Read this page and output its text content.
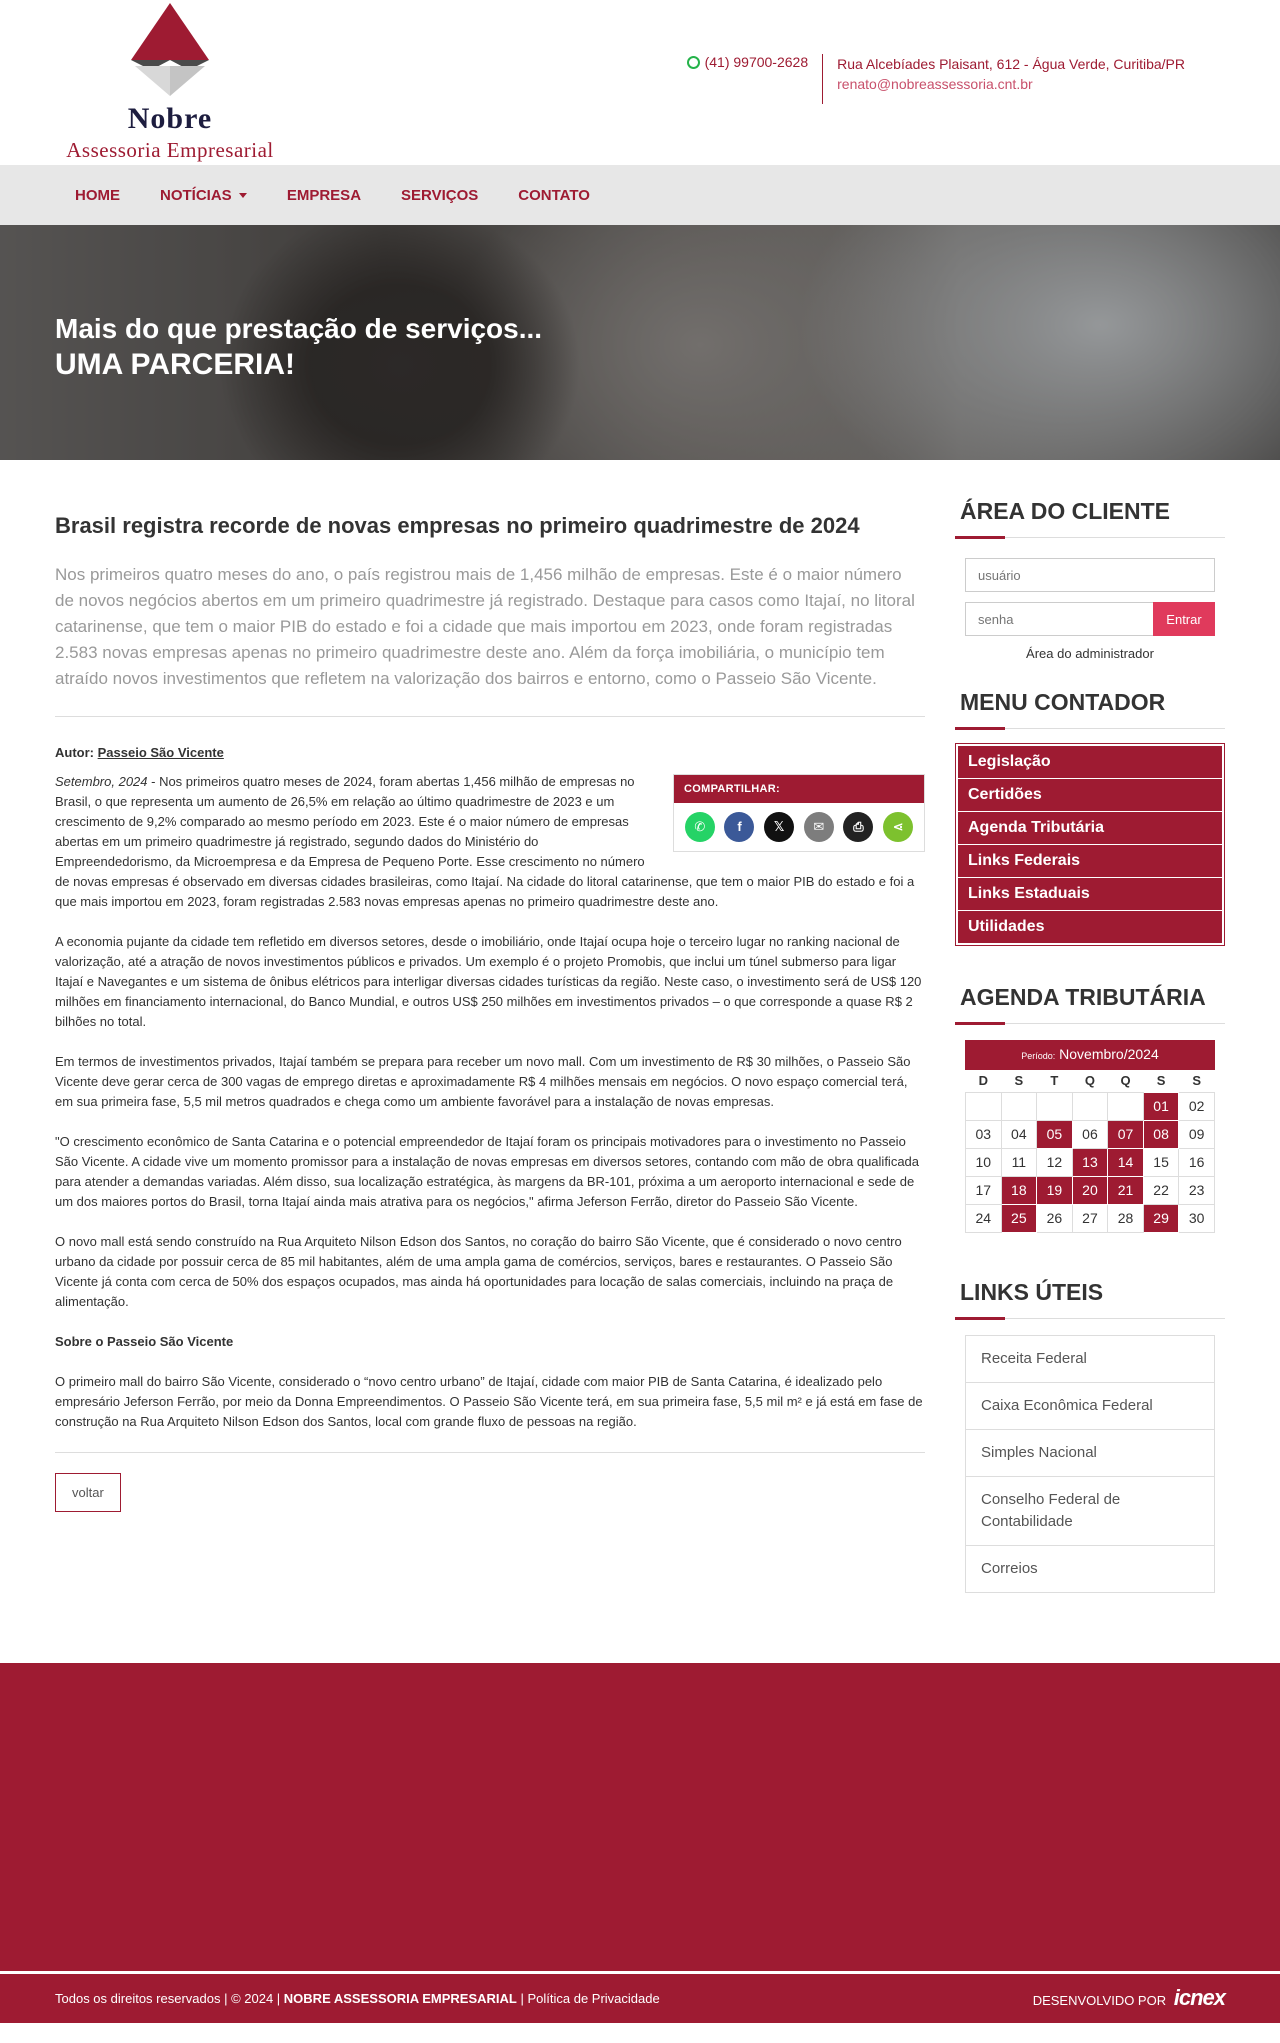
Nobre
Assessoria Empresarial
(41) 99700-2628 Rua Alcebíades Plaisant, 612 - Água Verde, Curitiba/PR
renato@nobreassessoria.cnt.br
HOME	NOTÍCIAS	EMPRESA	SERVIÇOS	CONTATO
Mais do que prestação de serviços...
UMA PARCERIA!
Brasil registra recorde de novas empresas no primeiro quadrimestre de 2024
Nos primeiros quatro meses do ano, o país registrou mais de 1,456 milhão de empresas. Este é o maior número de novos negócios abertos em um primeiro quadrimestre já registrado. Destaque para casos como Itajaí, no litoral catarinense, que tem o maior PIB do estado e foi a cidade que mais importou em 2023, onde foram registradas 2.583 novas empresas apenas no primeiro quadrimestre deste ano. Além da força imobiliária, o município tem atraído novos investimentos que refletem na valorização dos bairros e entorno, como o Passeio São Vicente.
Autor: Passeio São Vicente
COMPARTILHAR:
✆ f 𝕏 ✉ ⎙ ⋖

Setembro, 2024 - Nos primeiros quatro meses de 2024, foram abertas 1,456 milhão de empresas no Brasil, o que representa um aumento de 26,5% em relação ao último quadrimestre de 2023 e um crescimento de 9,2% comparado ao mesmo período em 2023. Este é o maior número de empresas abertas em um primeiro quadrimestre já registrado, segundo dados do Ministério do Empreendedorismo, da Microempresa e da Empresa de Pequeno Porte. Esse crescimento no número de novas empresas é observado em diversas cidades brasileiras, como Itajaí. Na cidade do litoral catarinense, que tem o maior PIB do estado e foi a que mais importou em 2023, foram registradas 2.583 novas empresas apenas no primeiro quadrimestre deste ano.

A economia pujante da cidade tem refletido em diversos setores, desde o imobiliário, onde Itajaí ocupa hoje o terceiro lugar no ranking nacional de valorização, até a atração de novos investimentos públicos e privados. Um exemplo é o projeto Promobis, que inclui um túnel submerso para ligar Itajaí e Navegantes e um sistema de ônibus elétricos para interligar diversas cidades turísticas da região. Neste caso, o investimento será de US$ 120 milhões em financiamento internacional, do Banco Mundial, e outros US$ 250 milhões em investimentos privados – o que corresponde a quase R$ 2 bilhões no total.

Em termos de investimentos privados, Itajaí também se prepara para receber um novo mall. Com um investimento de R$ 30 milhões, o Passeio São Vicente deve gerar cerca de 300 vagas de emprego diretas e aproximadamente R$ 4 milhões mensais em negócios. O novo espaço comercial terá, em sua primeira fase, 5,5 mil metros quadrados e chega como um ambiente favorável para a instalação de novas empresas.

"O crescimento econômico de Santa Catarina e o potencial empreendedor de Itajaí foram os principais motivadores para o investimento no Passeio São Vicente. A cidade vive um momento promissor para a instalação de novas empresas em diversos setores, contando com mão de obra qualificada para atender a demandas variadas. Além disso, sua localização estratégica, às margens da BR-101, próxima a um aeroporto internacional e sede de um dos maiores portos do Brasil, torna Itajaí ainda mais atrativa para os negócios," afirma Jeferson Ferrão, diretor do Passeio São Vicente.

O novo mall está sendo construído na Rua Arquiteto Nilson Edson dos Santos, no coração do bairro São Vicente, que é considerado o novo centro urbano da cidade por possuir cerca de 85 mil habitantes, além de uma ampla gama de comércios, serviços, bares e restaurantes. O Passeio São Vicente já conta com cerca de 50% dos espaços ocupados, mas ainda há oportunidades para locação de salas comerciais, incluindo na praça de alimentação.

Sobre o Passeio São Vicente

O primeiro mall do bairro São Vicente, considerado o “novo centro urbano” de Itajaí, cidade com maior PIB de Santa Catarina, é idealizado pelo empresário Jeferson Ferrão, por meio da Donna Empreendimentos. O Passeio São Vicente terá, em sua primeira fase, 5,5 mil m² e já está em fase de construção na Rua Arquiteto Nilson Edson dos Santos, local com grande fluxo de pessoas na região.

voltar
ÁREA DO CLIENTE
usuário
Entrar
Área do administrador
MENU CONTADOR
Legislação
Certidões
Agenda Tributária
Links Federais
Links Estaduais
Utilidades
AGENDA TRIBUTÁRIA
Período: Novembro/2024
D	S	T	Q	Q	S	S
					01	02
03	04	05	06	07	08	09
10	11	12	13	14	15	16
17	18	19	20	21	22	23
24	25	26	27	28	29	30
LINKS ÚTEIS
Receita Federal
Caixa Econômica Federal
Simples Nacional
Conselho Federal de Contabilidade
Correios
Todos os direitos reservados | © 2024 | NOBRE ASSESSORIA EMPRESARIAL | Política de Privacidade	DESENVOLVIDO POR icnex
